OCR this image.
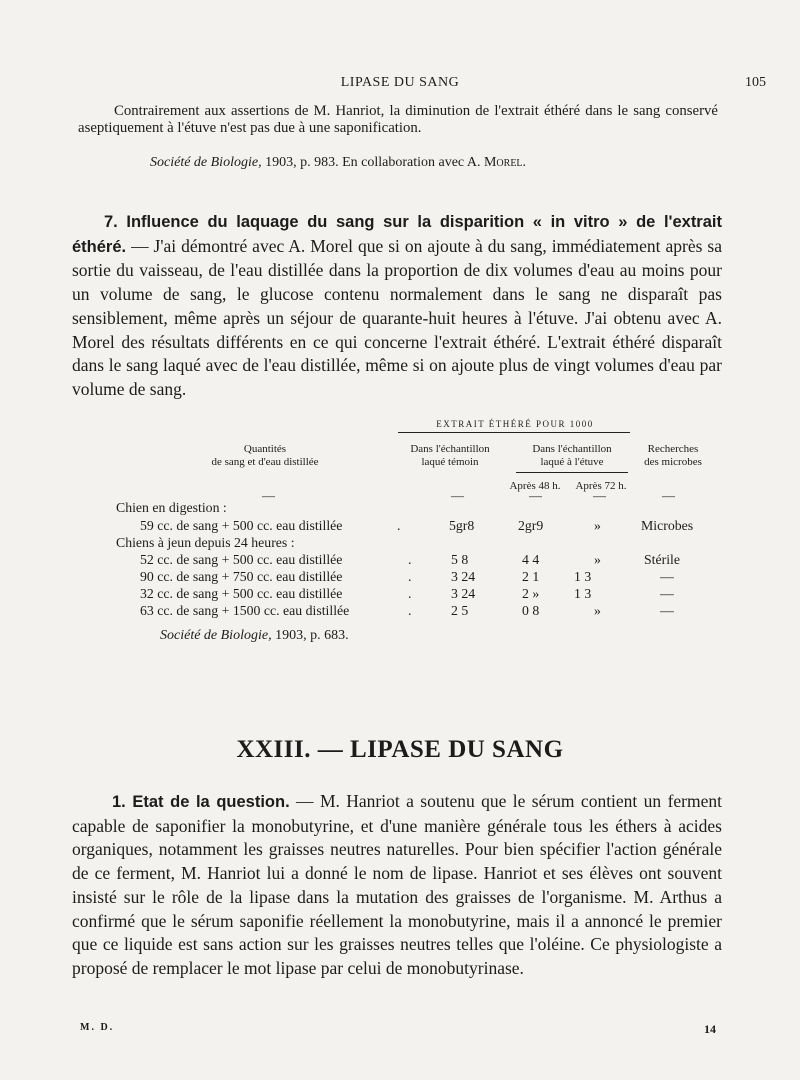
LIPASE DU SANG	105

Contrairement aux assertions de M. Hanriot, la diminution de l'extrait éthéré dans le sang conservé aseptiquement à l'étuve n'est pas due à une saponification.

Société de Biologie, 1903, p. 983. En collaboration avec A. Morel.

7. Influence du laquage du sang sur la disparition « in vitro » de l'extrait éthéré. — J'ai démontré avec A. Morel que si on ajoute à du sang, immédiatement après sa sortie du vaisseau, de l'eau distillée dans la proportion de dix volumes d'eau au moins pour un volume de sang, le glucose contenu normalement dans le sang ne disparaît pas sensiblement, même après un séjour de quarante-huit heures à l'étuve. J'ai obtenu avec A. Morel des résultats différents en ce qui concerne l'extrait éthéré. L'extrait éthéré disparaît dans le sang laqué avec de l'eau distillée, même si on ajoute plus de vingt volumes d'eau par volume de sang.

EXTRAIT ÉTHÉRÉ POUR 1000
Quantités
de sang et d'eau distillée
Dans l'échantillon
laqué témoin
Dans l'échantillon
laqué à l'étuve
Recherches
des microbes
Après 48 h.	Après 72 h.
—	—	—	—	—
Chien en digestion :
59 cc. de sang + 500 cc. eau distillée	.	5gr8	2gr9	»	Microbes
Chiens à jeun depuis 24 heures :
52 cc. de sang + 500 cc. eau distillée	.	5 8	4 4	»	Stérile
90 cc. de sang + 750 cc. eau distillée	.	3 24	2 1	1 3	—
32 cc. de sang + 500 cc. eau distillée	.	3 24	2 »	1 3	—
63 cc. de sang + 1500 cc. eau distillée	.	2 5	0 8	»	—
Société de Biologie, 1903, p. 683.
XXIII. — LIPASE DU SANG

1. Etat de la question. — M. Hanriot a soutenu que le sérum contient un ferment capable de saponifier la monobutyrine, et d'une manière générale tous les éthers à acides organiques, notamment les graisses neutres naturelles. Pour bien spécifier l'action générale de ce ferment, M. Hanriot lui a donné le nom de lipase. Hanriot et ses élèves ont souvent insisté sur le rôle de la lipase dans la mutation des graisses de l'organisme. M. Arthus a confirmé que le sérum saponifie réellement la monobutyrine, mais il a annoncé le premier que ce liquide est sans action sur les graisses neutres telles que l'oléine. Ce physiologiste a proposé de remplacer le mot lipase par celui de monobutyrinase.

M. D.	14
